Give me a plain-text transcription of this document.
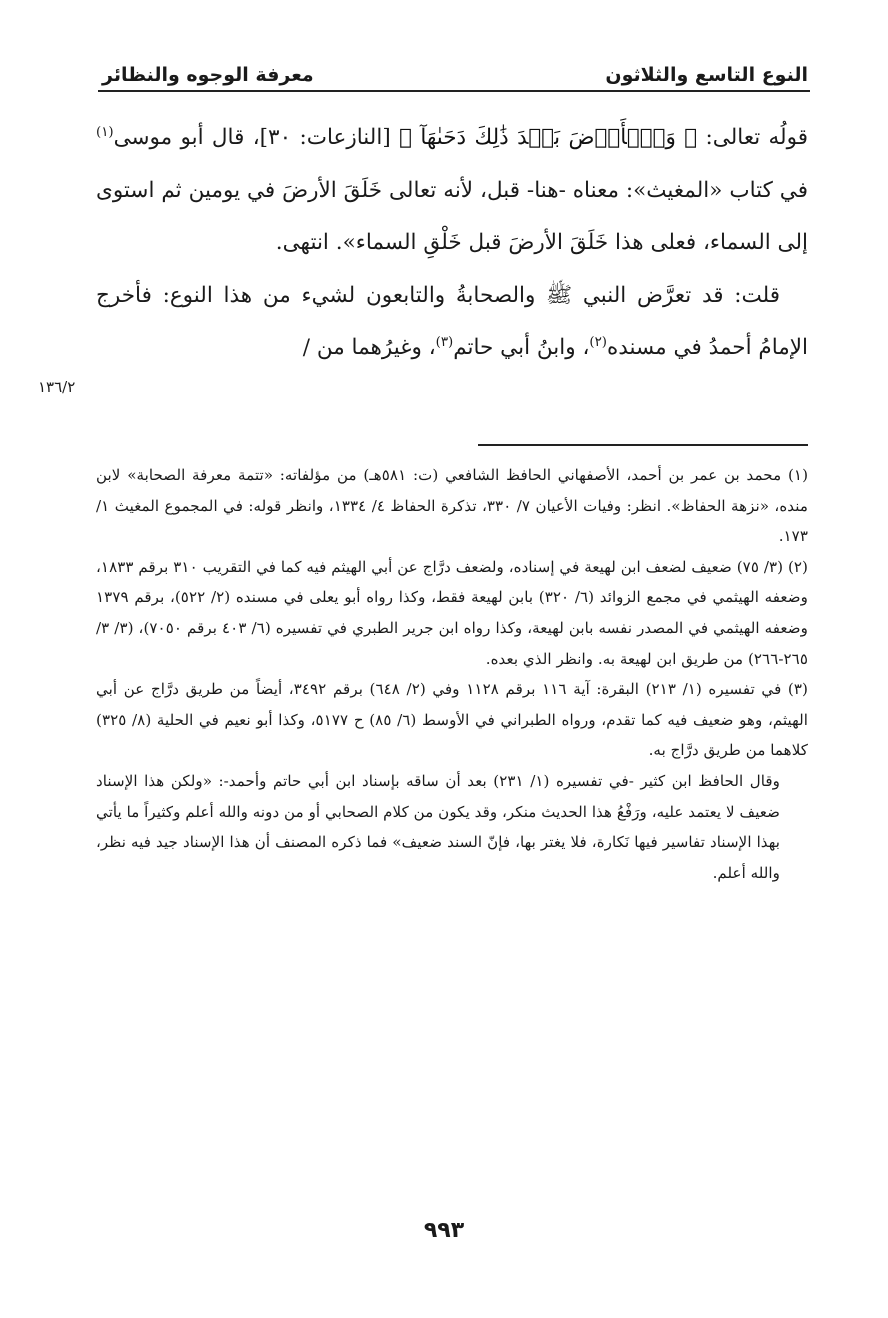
النوع التاسع والثلاثون
معرفة الوجوه والنظائر

قولُه تعالى: ﴿ وَٱلۡأَرۡضَ بَعۡدَ ذَٰلِكَ دَحَىٰهَآ ﴾ [النازعات: ٣٠]، قال أبو موسى$^{(١)}$ في كتاب «المغيث»: معناه -هنا- قبل، لأنه تعالى خَلَقَ الأرضَ في يومين ثم استوى إلى السماء، فعلى هذا خَلَقَ الأرضَ قبل خَلْقِ السماء». انتهى.

قلت: قد تعرَّض النبي ﷺ والصحابةُ والتابعون لشيء من هذا النوع: فأخرج الإمامُ أحمدُ في مسنده$^{(٢)}$، وابنُ أبي حاتم$^{(٣)}$، وغيرُهما من /

١٣٦/٢

(١) محمد بن عمر بن أحمد، الأصفهاني الحافظ الشافعي (ت: ٥٨١هـ) من مؤلفاته: «تتمة معرفة الصحابة» لابن منده، «نزهة الحفاظ». انظر: وفيات الأعيان ٧/ ٣٣٠، تذكرة الحفاظ ٤/ ١٣٣٤، وانظر قوله: في المجموع المغيث ١/ ١٧٣.

(٢) (٣/ ٧٥) ضعيف لضعف ابن لهيعة في إسناده، ولضعف درَّاج عن أبي الهيثم فيه كما في التقريب ٣١٠ برقم ١٨٣٣، وضعفه الهيثمي في مجمع الزوائد (٦/ ٣٢٠) بابن لهيعة فقط، وكذا رواه أبو يعلى في مسنده (٢/ ٥٢٢)، برقم ١٣٧٩ وضعفه الهيثمي في المصدر نفسه بابن لهيعة، وكذا رواه ابن جرير الطبري في تفسيره (٦/ ٤٠٣ برقم ٧٠٥٠)، (٣/ ٣/ ٢٦٥-٢٦٦) من طريق ابن لهيعة به. وانظر الذي بعده.

(٣) في تفسيره (١/ ٢١٣) البقرة: آية ١١٦ برقم ١١٢٨ وفي (٢/ ٦٤٨) برقم ٣٤٩٢، أيضاً من طريق درَّاج عن أبي الهيثم، وهو ضعيف فيه كما تقدم، ورواه الطبراني في الأوسط (٦/ ٨٥) ح ٥١٧٧، وكذا أبو نعيم في الحلية (٨/ ٣٢٥) كلاهما من طريق درَّاج به.

وقال الحافظ ابن كثير -في تفسيره (١/ ٢٣١) بعد أن ساقه بإسناد ابن أبي حاتم وأحمد-: «ولكن هذا الإسناد ضعيف لا يعتمد عليه، ورَفْعُ هذا الحديث منكر، وقد يكون من كلام الصحابي أو من دونه والله أعلم وكثيراً ما يأتي بهذا الإسناد تفاسير فيها نَكارة، فلا يغتر بها، فإنّ السند ضعيف» فما ذكره المصنف أن هذا الإسناد جيد فيه نظر، والله أعلم.

٩٩٣
